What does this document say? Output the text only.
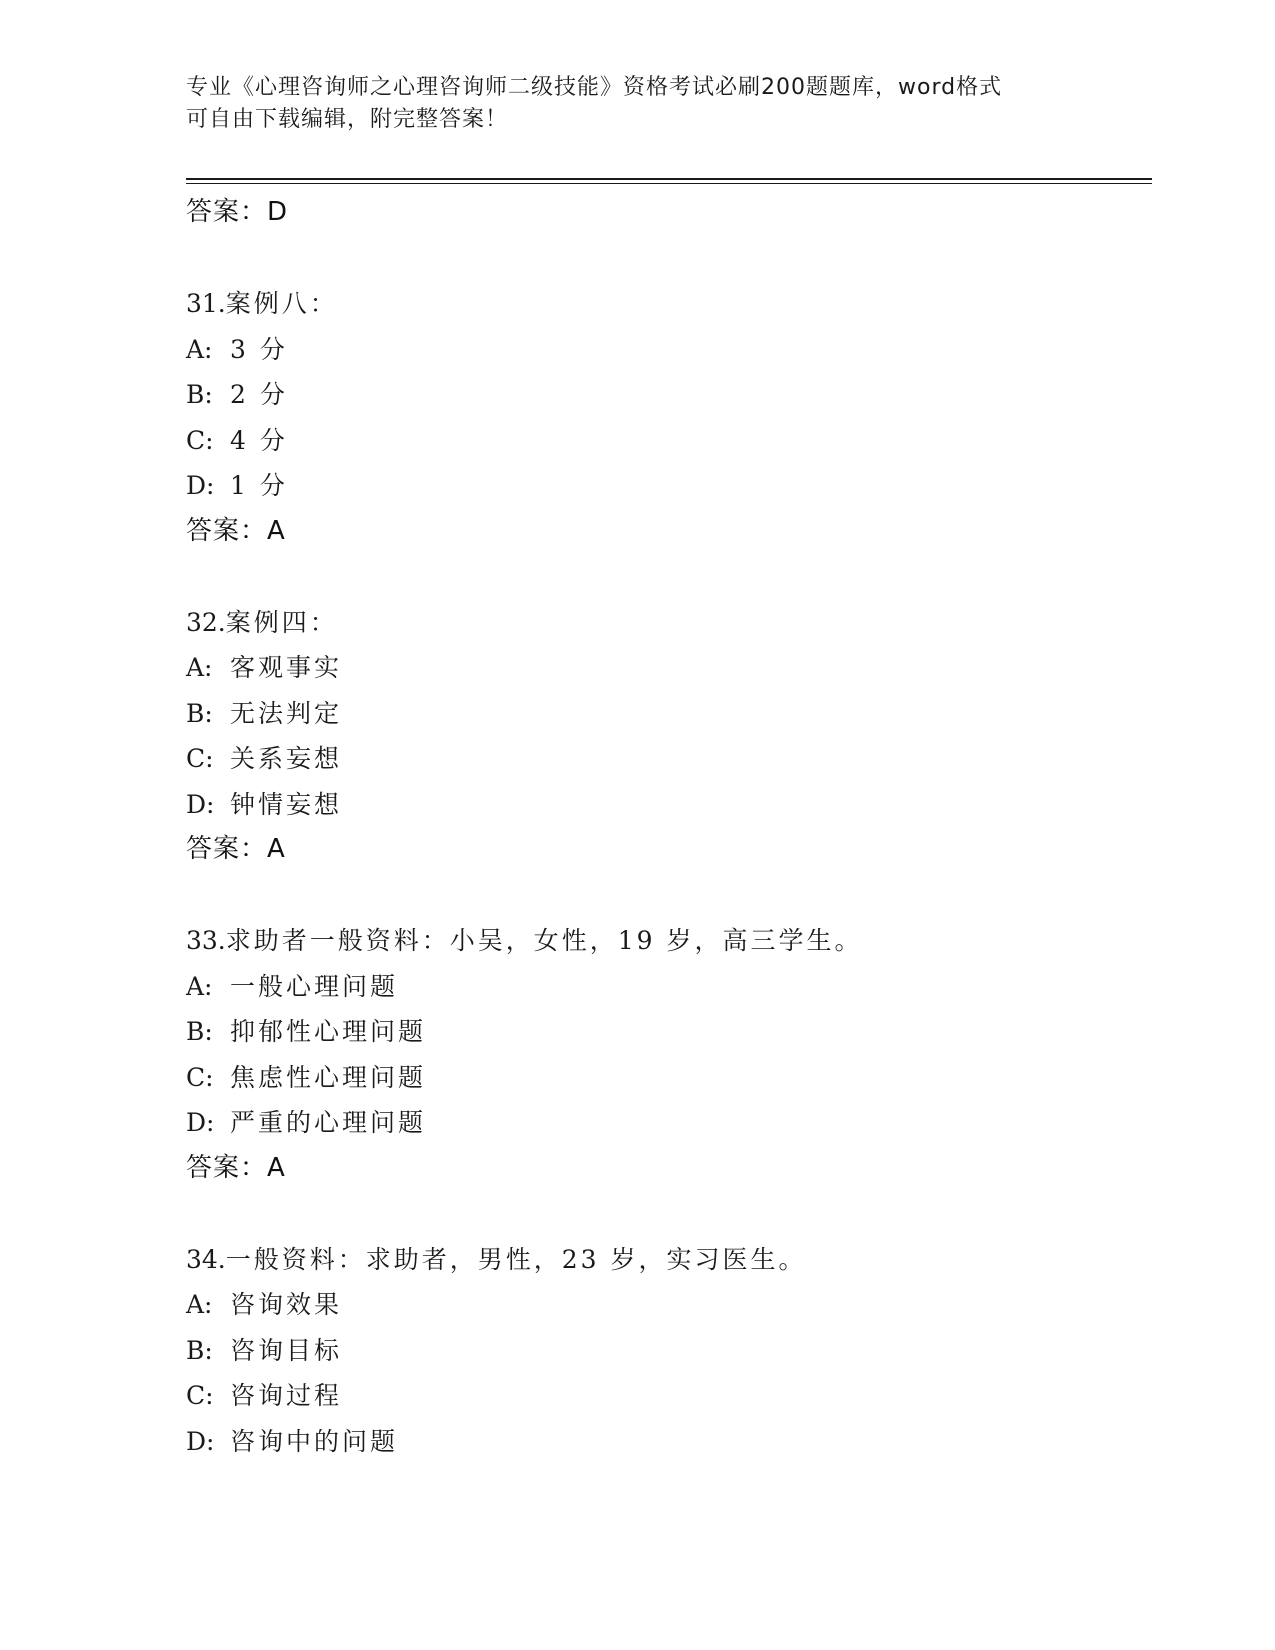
专业《心理咨询师之心理咨询师二级技能》资格考试必刷200题题库，word格式
可自由下载编辑，附完整答案！
答案：D
31.案例八：
A: 3 分
B: 2 分
C: 4 分
D: 1 分
答案：A
32.案例四：
A: 客观事实
B: 无法判定
C: 关系妄想
D: 钟情妄想
答案：A
33.求助者一般资料：小吴，女性，19 岁，高三学生。
A: 一般心理问题
B: 抑郁性心理问题
C: 焦虑性心理问题
D: 严重的心理问题
答案：A
34.一般资料：求助者，男性，23 岁，实习医生。
A: 咨询效果
B: 咨询目标
C: 咨询过程
D: 咨询中的问题
